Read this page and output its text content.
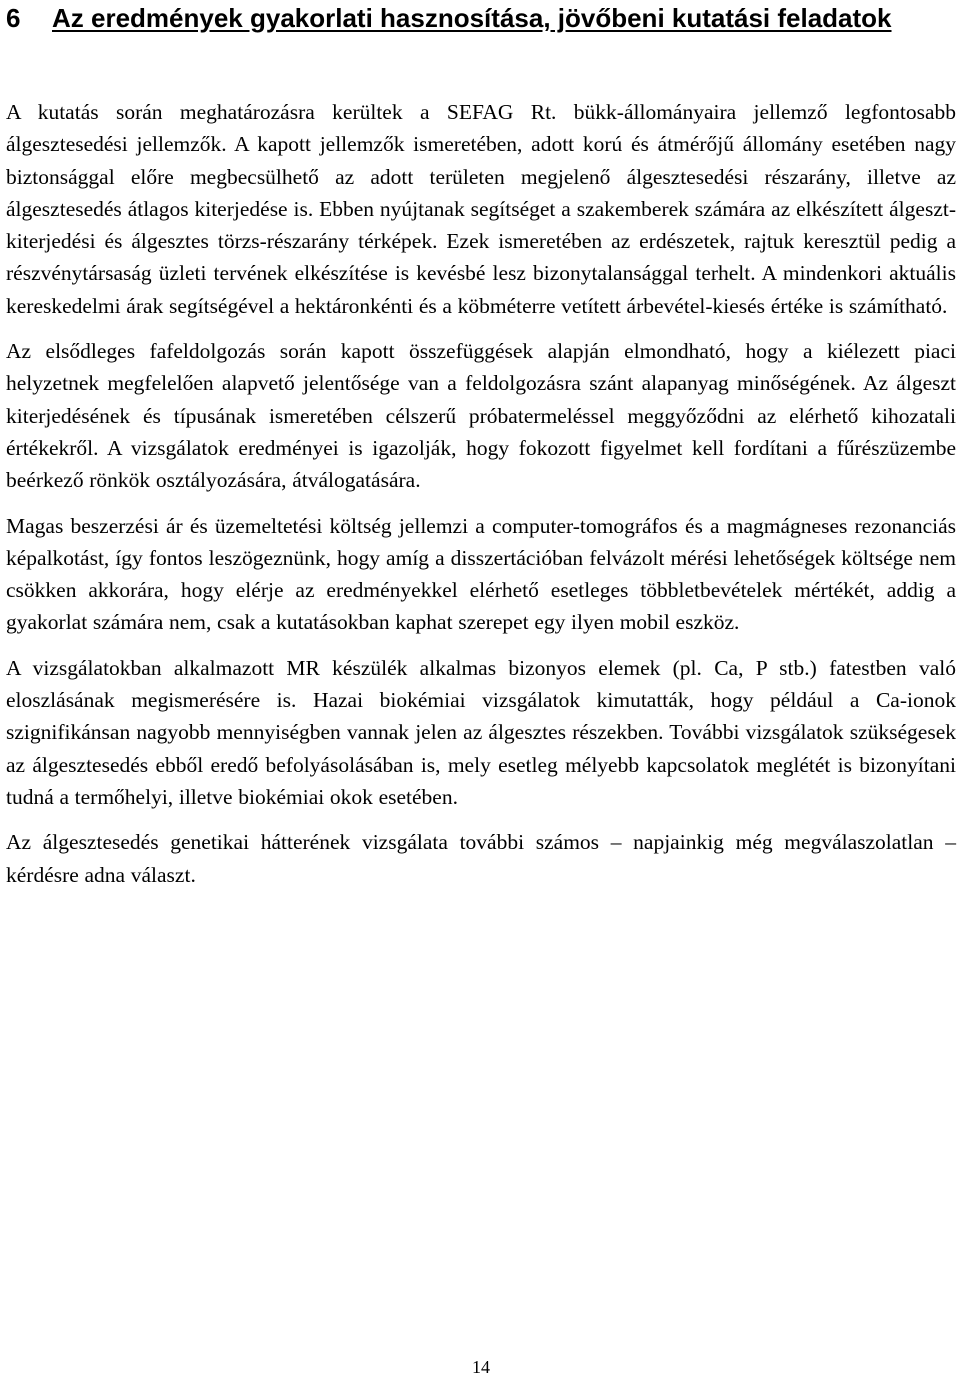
6	Az eredmények gyakorlati hasznosítása, jövőbeni kutatási feladatok

A kutatás során meghatározásra kerültek a SEFAG Rt. bükk-állományaira jellemző legfontosabb álgesztesedési jellemzők. A kapott jellemzők ismeretében, adott korú és átmérőjű állomány esetében nagy biztonsággal előre megbecsülhető az adott területen megjelenő álgesztesedési részarány, illetve az álgesztesedés átlagos kiterjedése is. Ebben nyújtanak segítséget a szakemberek számára az elkészített álgeszt-kiterjedési és álgesztes törzs-részarány térképek. Ezek ismeretében az erdészetek, rajtuk keresztül pedig a részvénytársaság üzleti tervének elkészítése is kevésbé lesz bizonytalansággal terhelt. A mindenkori aktuális kereskedelmi árak segítségével a hektáronkénti és a köbméterre vetített árbevétel-kiesés értéke is számítható.

Az elsődleges fafeldolgozás során kapott összefüggések alapján elmondható, hogy a kiélezett piaci helyzetnek megfelelően alapvető jelentősége van a feldolgozásra szánt alapanyag minőségének. Az álgeszt kiterjedésének és típusának ismeretében célszerű próbatermeléssel meggyőződni az elérhető kihozatali értékekről. A vizsgálatok eredményei is igazolják, hogy fokozott figyelmet kell fordítani a fűrészüzembe beérkező rönkök osztályozására, átválogatására.

Magas beszerzési ár és üzemeltetési költség jellemzi a computer-tomográfos és a magmágneses rezonanciás képalkotást, így fontos leszögeznünk, hogy amíg a disszertációban felvázolt mérési lehetőségek költsége nem csökken akkorára, hogy elérje az eredményekkel elérhető esetleges többletbevételek mértékét, addig a gyakorlat számára nem, csak a kutatásokban kaphat szerepet egy ilyen mobil eszköz.

A vizsgálatokban alkalmazott MR készülék alkalmas bizonyos elemek (pl. Ca, P stb.) fatestben való eloszlásának megismerésére is. Hazai biokémiai vizsgálatok kimutatták, hogy például a Ca-ionok szignifikánsan nagyobb mennyiségben vannak jelen az álgesztes részekben. További vizsgálatok szükségesek az álgesztesedés ebből eredő befolyásolásában is, mely esetleg mélyebb kapcsolatok meglétét is bizonyítani tudná a termőhelyi, illetve biokémiai okok esetében.

Az álgesztesedés genetikai hátterének vizsgálata további számos – napjainkig még megválaszolatlan – kérdésre adna választ.

14
